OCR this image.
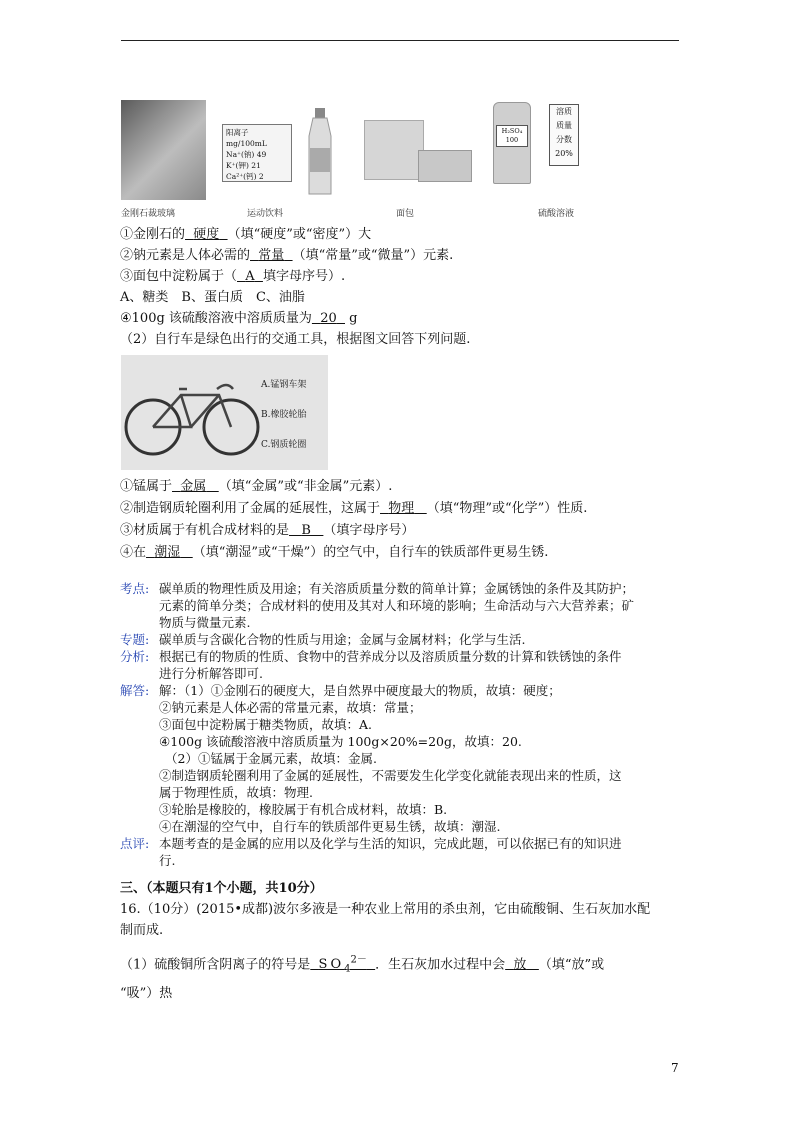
金刚石裁玻璃
阳离子 mg/100mL
Na⁺(钠) 49
K⁺(钾) 21
Ca²⁺(钙) 2
运动饮料	面包
H₂SO₄ 100
溶质
质量
分数
20%
硫酸溶液
①金刚石的 硬度 （填“硬度”或“密度”）大
②钠元素是人体必需的 常量 （填“常量”或“微量”）元素.
③面包中淀粉属于（ A 填字母序号）.
A、糖类　B、蛋白质　C、油脂
④100g 该硫酸溶液中溶质质量为 20 g
（2）自行车是绿色出行的交通工具，根据图文回答下列问题.
A.锰钢车架
B.橡胶轮胎
C.钢质轮圈
①锰属于 金属 （填“金属”或“非金属”元素）.
②制造钢质轮圈利用了金属的延展性，这属于 物理 （填“物理”或“化学”）性质.
③材质属于有机合成材料的是 B （填字母序号）
④在 潮湿 （填“潮湿”或“干燥”）的空气中，自行车的铁质部件更易生锈.
考点: 碳单质的物理性质及用途；有关溶质质量分数的简单计算；金属锈蚀的条件及其防护；
元素的简单分类；合成材料的使用及其对人和环境的影响；生命活动与六大营养素；矿
物质与微量元素.
专题: 碳单质与含碳化合物的性质与用途；金属与金属材料；化学与生活.
分析: 根据已有的物质的性质、食物中的营养成分以及溶质质量分数的计算和铁锈蚀的条件
进行分析解答即可.
解答: 解：（1）①金刚石的硬度大，是自然界中硬度最大的物质，故填：硬度；
②钠元素是人体必需的常量元素，故填：常量；
③面包中淀粉属于糖类物质，故填：A.
④100g 该硫酸溶液中溶质质量为 100g×20%=20g，故填：20.
（2）①锰属于金属元素，故填：金属.
②制造钢质轮圈利用了金属的延展性，不需要发生化学变化就能表现出来的性质，这
属于物理性质，故填：物理.
③轮胎是橡胶的，橡胶属于有机合成材料，故填：B.
④在潮湿的空气中，自行车的铁质部件更易生锈，故填：潮湿.
点评: 本题考查的是金属的应用以及化学与生活的知识，完成此题，可以依据已有的知识进
行.
三、（本题只有1个小题，共10分）
16.（10分）(2015•成都)波尔多液是一种农业上常用的杀虫剂，它由硫酸铜、生石灰加水配
制而成.
（1）硫酸铜所含阴离子的符号是 $SO_4^{2-}$ ．生石灰加水过程中会 放 （填“放”或
“吸”）热
7
